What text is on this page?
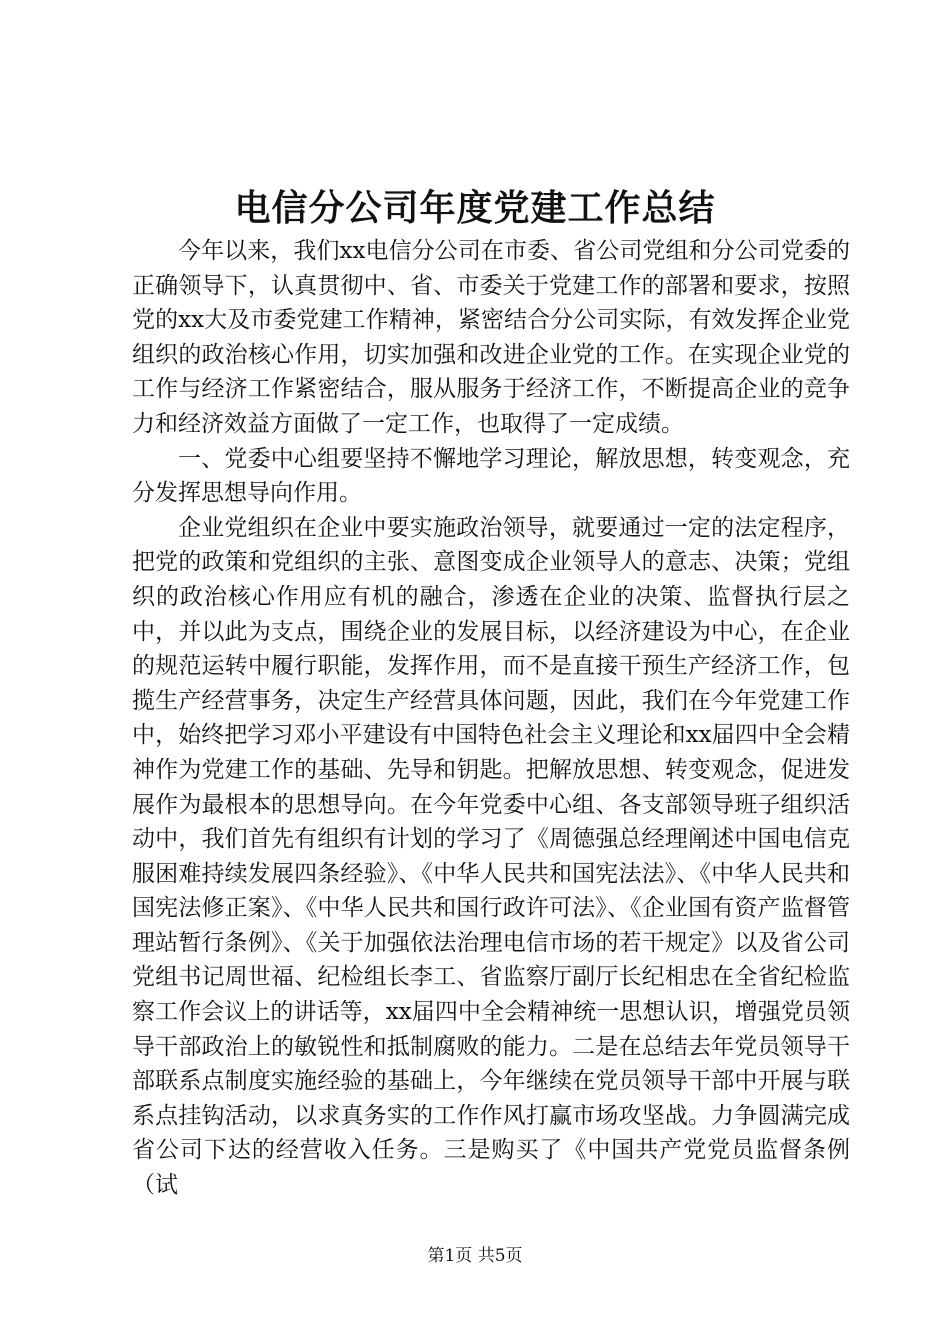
电信分公司年度党建工作总结

今年以来，我们xx电信分公司在市委、省公司党组和分公司党委的正确领导下，认真贯彻中、省、市委关于党建工作的部署和要求，按照党的xx大及市委党建工作精神，紧密结合分公司实际，有效发挥企业党组织的政治核心作用，切实加强和改进企业党的工作。在实现企业党的工作与经济工作紧密结合，服从服务于经济工作，不断提高企业的竞争力和经济效益方面做了一定工作，也取得了一定成绩。

一、党委中心组要坚持不懈地学习理论，解放思想，转变观念，充分发挥思想导向作用。

企业党组织在企业中要实施政治领导，就要通过一定的法定程序，把党的政策和党组织的主张、意图变成企业领导人的意志、决策；党组织的政治核心作用应有机的融合，渗透在企业的决策、监督执行层之中，并以此为支点，围绕企业的发展目标，以经济建设为中心，在企业的规范运转中履行职能，发挥作用，而不是直接干预生产经济工作，包揽生产经营事务，决定生产经营具体问题，因此，我们在今年党建工作中，始终把学习邓小平建设有中国特色社会主义理论和xx届四中全会精神作为党建工作的基础、先导和钥匙。把解放思想、转变观念，促进发展作为最根本的思想导向。在今年党委中心组、各支部领导班子组织活动中，我们首先有组织有计划的学习了《周德强总经理阐述中国电信克服困难持续发展四条经验》、《中华人民共和国宪法法》、《中华人民共和国宪法修正案》、《中华人民共和国行政许可法》、《企业国有资产监督管理站暂行条例》、《关于加强依法治理电信市场的若干规定》以及省公司党组书记周世福、纪检组长李工、省监察厅副厅长纪相忠在全省纪检监察工作会议上的讲话等，xx届四中全会精神统一思想认识，增强党员领导干部政治上的敏锐性和抵制腐败的能力。二是在总结去年党员领导干部联系点制度实施经验的基础上，今年继续在党员领导干部中开展与联系点挂钩活动，以求真务实的工作作风打赢市场攻坚战。力争圆满完成省公司下达的经营收入任务。三是购买了《中国共产党党员监督条例（试

第1页 共5页
